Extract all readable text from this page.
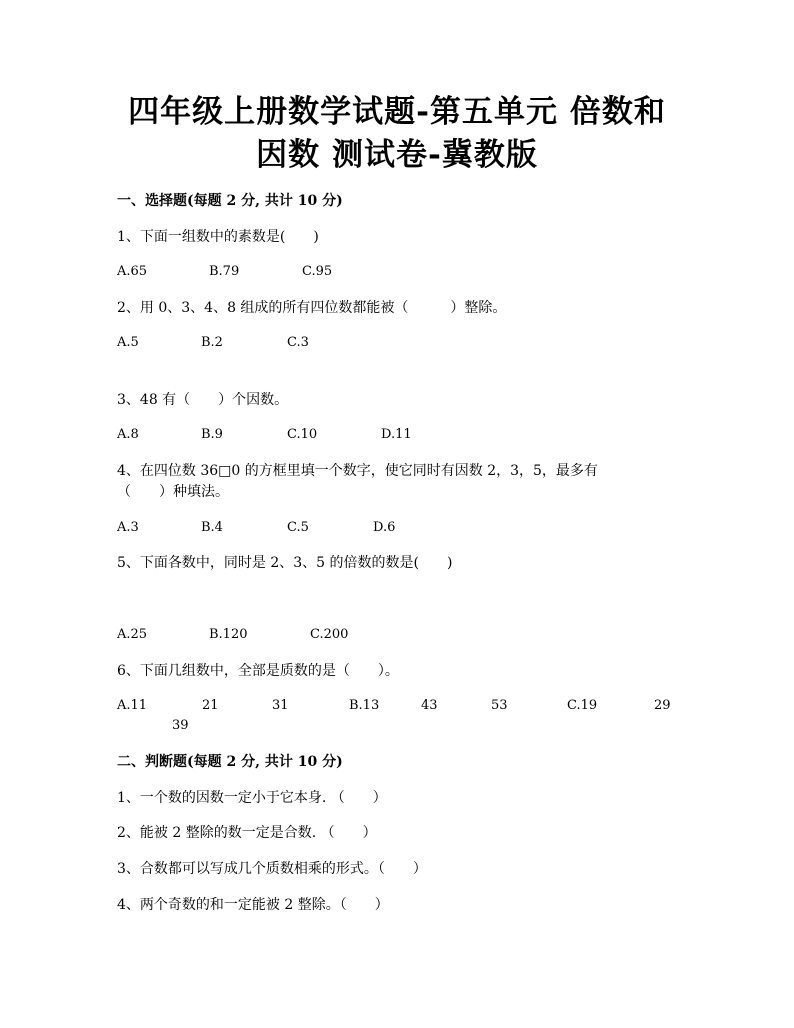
四年级上册数学试题-第五单元 倍数和
因数 测试卷-冀教版
一、选择题(每题 2 分, 共计 10 分)
1、下面一组数中的素数是(　　)
A.65	B.79	C.95
2、用 0、3、4、8 组成的所有四位数都能被（　　　）整除。
A.5	B.2	C.3
3、48 有（　　）个因数。
A.8	B.9	C.10	D.11
4、在四位数 36□0 的方框里填一个数字，使它同时有因数 2，3，5，最多有
（　　）种填法。
A.3	B.4	C.5	D.6
5、下面各数中，同时是 2、3、5 的倍数的数是(　　)
A.25	B.120	C.200
6、下面几组数中，全部是质数的是（　　）。
A.11	21	31	B.13	43	53	C.19	29
39
二、判断题(每题 2 分, 共计 10 分)
1、一个数的因数一定小于它本身. （　　）
2、能被 2 整除的数一定是合数. （　　）
3、合数都可以写成几个质数相乘的形式。（　　）
4、两个奇数的和一定能被 2 整除。（　　）
